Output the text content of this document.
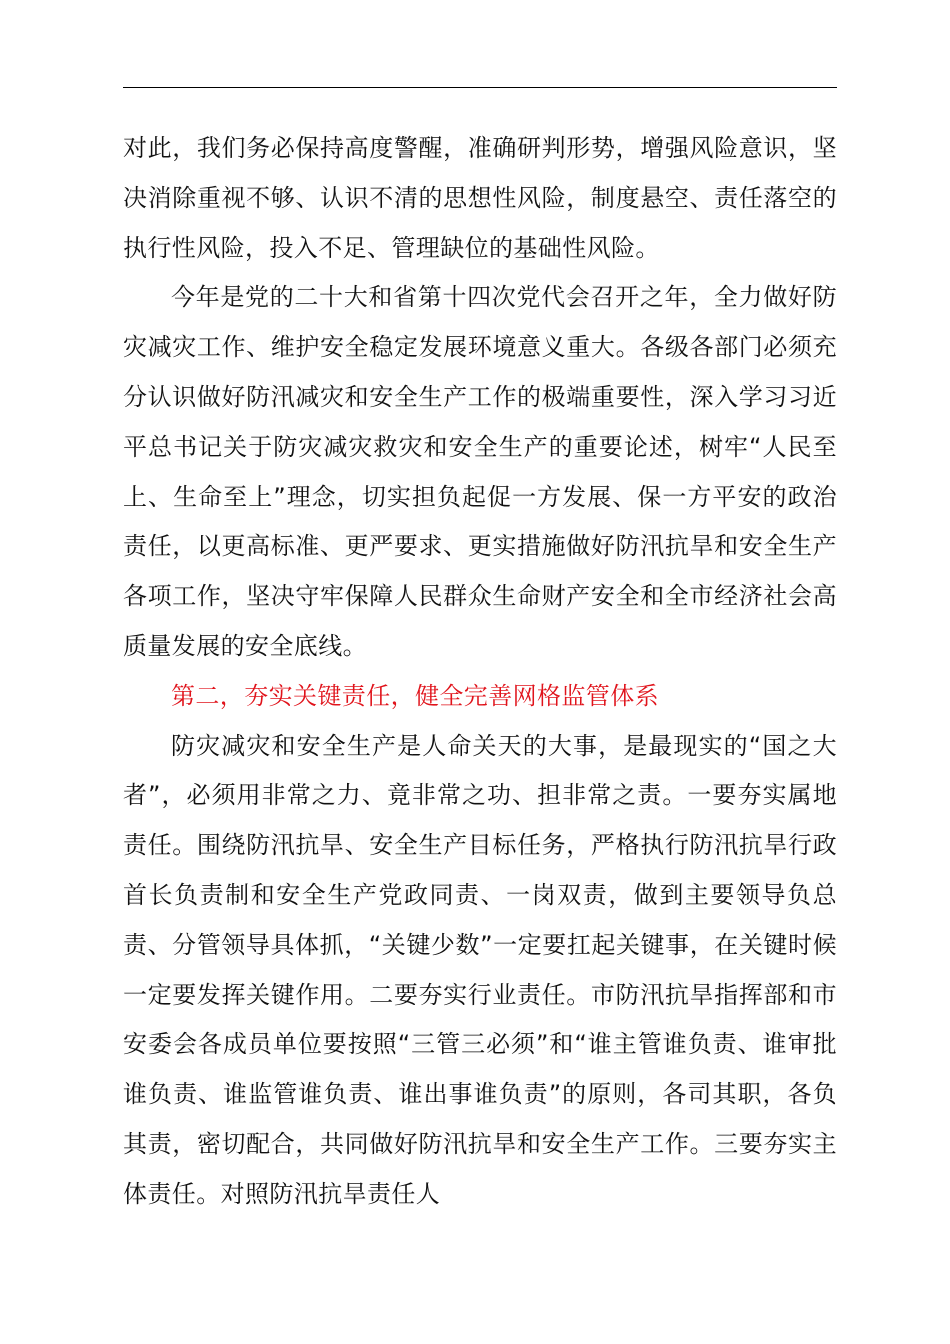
对此，我们务必保持高度警醒，准确研判形势，增强风险意识，坚决消除重视不够、认识不清的思想性风险，制度悬空、责任落空的执行性风险，投入不足、管理缺位的基础性风险。

今年是党的二十大和省第十四次党代会召开之年，全力做好防灾减灾工作、维护安全稳定发展环境意义重大。各级各部门必须充分认识做好防汛减灾和安全生产工作的极端重要性，深入学习习近平总书记关于防灾减灾救灾和安全生产的重要论述，树牢“人民至上、生命至上”理念，切实担负起促一方发展、保一方平安的政治责任，以更高标准、更严要求、更实措施做好防汛抗旱和安全生产各项工作，坚决守牢保障人民群众生命财产安全和全市经济社会高质量发展的安全底线。

第二，夯实关键责任，健全完善网格监管体系

防灾减灾和安全生产是人命关天的大事，是最现实的“国之大者”，必须用非常之力、竟非常之功、担非常之责。一要夯实属地责任。围绕防汛抗旱、安全生产目标任务，严格执行防汛抗旱行政首长负责制和安全生产党政同责、一岗双责，做到主要领导负总责、分管领导具体抓，“关键少数”一定要扛起关键事，在关键时候一定要发挥关键作用。二要夯实行业责任。市防汛抗旱指挥部和市安委会各成员单位要按照“三管三必须”和“谁主管谁负责、谁审批谁负责、谁监管谁负责、谁出事谁负责”的原则，各司其职，各负其责，密切配合，共同做好防汛抗旱和安全生产工作。三要夯实主体责任。对照防汛抗旱责任人
